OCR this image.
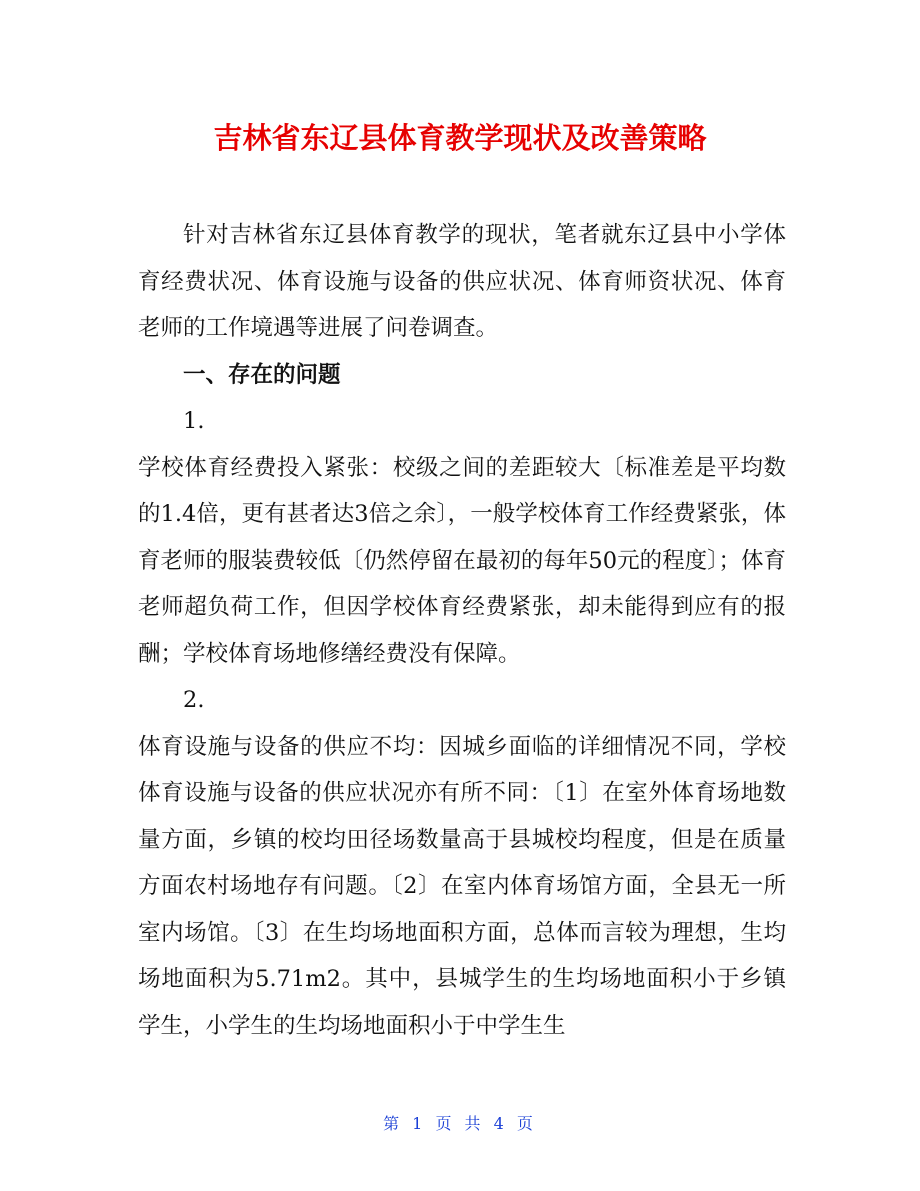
吉林省东辽县体育教学现状及改善策略

针对吉林省东辽县体育教学的现状，笔者就东辽县中小学体育经费状况、体育设施与设备的供应状况、体育师资状况、体育老师的工作境遇等进展了问卷调查。

一、存在的问题

1.

学校体育经费投入紧张：校级之间的差距较大〔标准差是平均数的1.4倍，更有甚者达3倍之余〕，一般学校体育工作经费紧张，体育老师的服装费较低〔仍然停留在最初的每年50元的程度〕；体育老师超负荷工作，但因学校体育经费紧张，却未能得到应有的报酬；学校体育场地修缮经费没有保障。

2.

体育设施与设备的供应不均：因城乡面临的详细情况不同，学校体育设施与设备的供应状况亦有所不同：〔1〕在室外体育场地数量方面，乡镇的校均田径场数量高于县城校均程度，但是在质量方面农村场地存有问题。〔2〕在室内体育场馆方面，全县无一所室内场馆。〔3〕在生均场地面积方面，总体而言较为理想，生均场地面积为5.71m2。其中，县城学生的生均场地面积小于乡镇学生，小学生的生均场地面积小于中学生生

第 1 页 共 4 页
